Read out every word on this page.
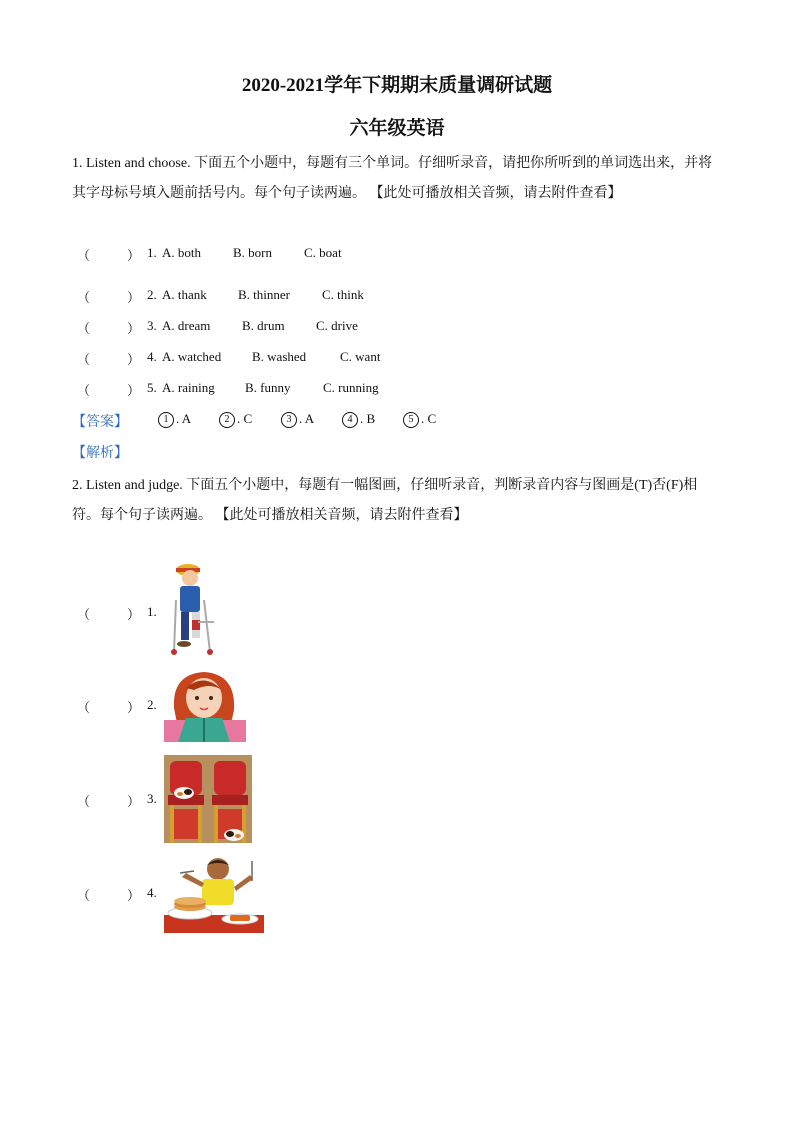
2020-2021学年下期期末质量调研试题
六年级英语
1. Listen and choose. 下面五个小题中，每题有三个单词。仔细听录音，请把你所听到的单词选出来，并将
其字母标号填入题前括号内。每个句子读两遍。 【此处可播放相关音频，请去附件查看】
（	） 1. A. both B. born C. boat
（	） 2. A. thank B. thinner C. think
（	） 3. A. dream B. drum C. drive
（	） 4. A. watched B. washed	C. want
（	） 5. A. raining B. funny	C. running
【答案】	1 . A	2 . C	3 . A	4 . B	5 . C
【解析】
2. Listen and judge. 下面五个小题中，每题有一幅图画，仔细听录音，判断录音内容与图画是(T)否(F)相
符。每个句子读两遍。 【此处可播放相关音频，请去附件查看】
（	） 1.
（	） 2.
（	） 3.
（	） 4.
